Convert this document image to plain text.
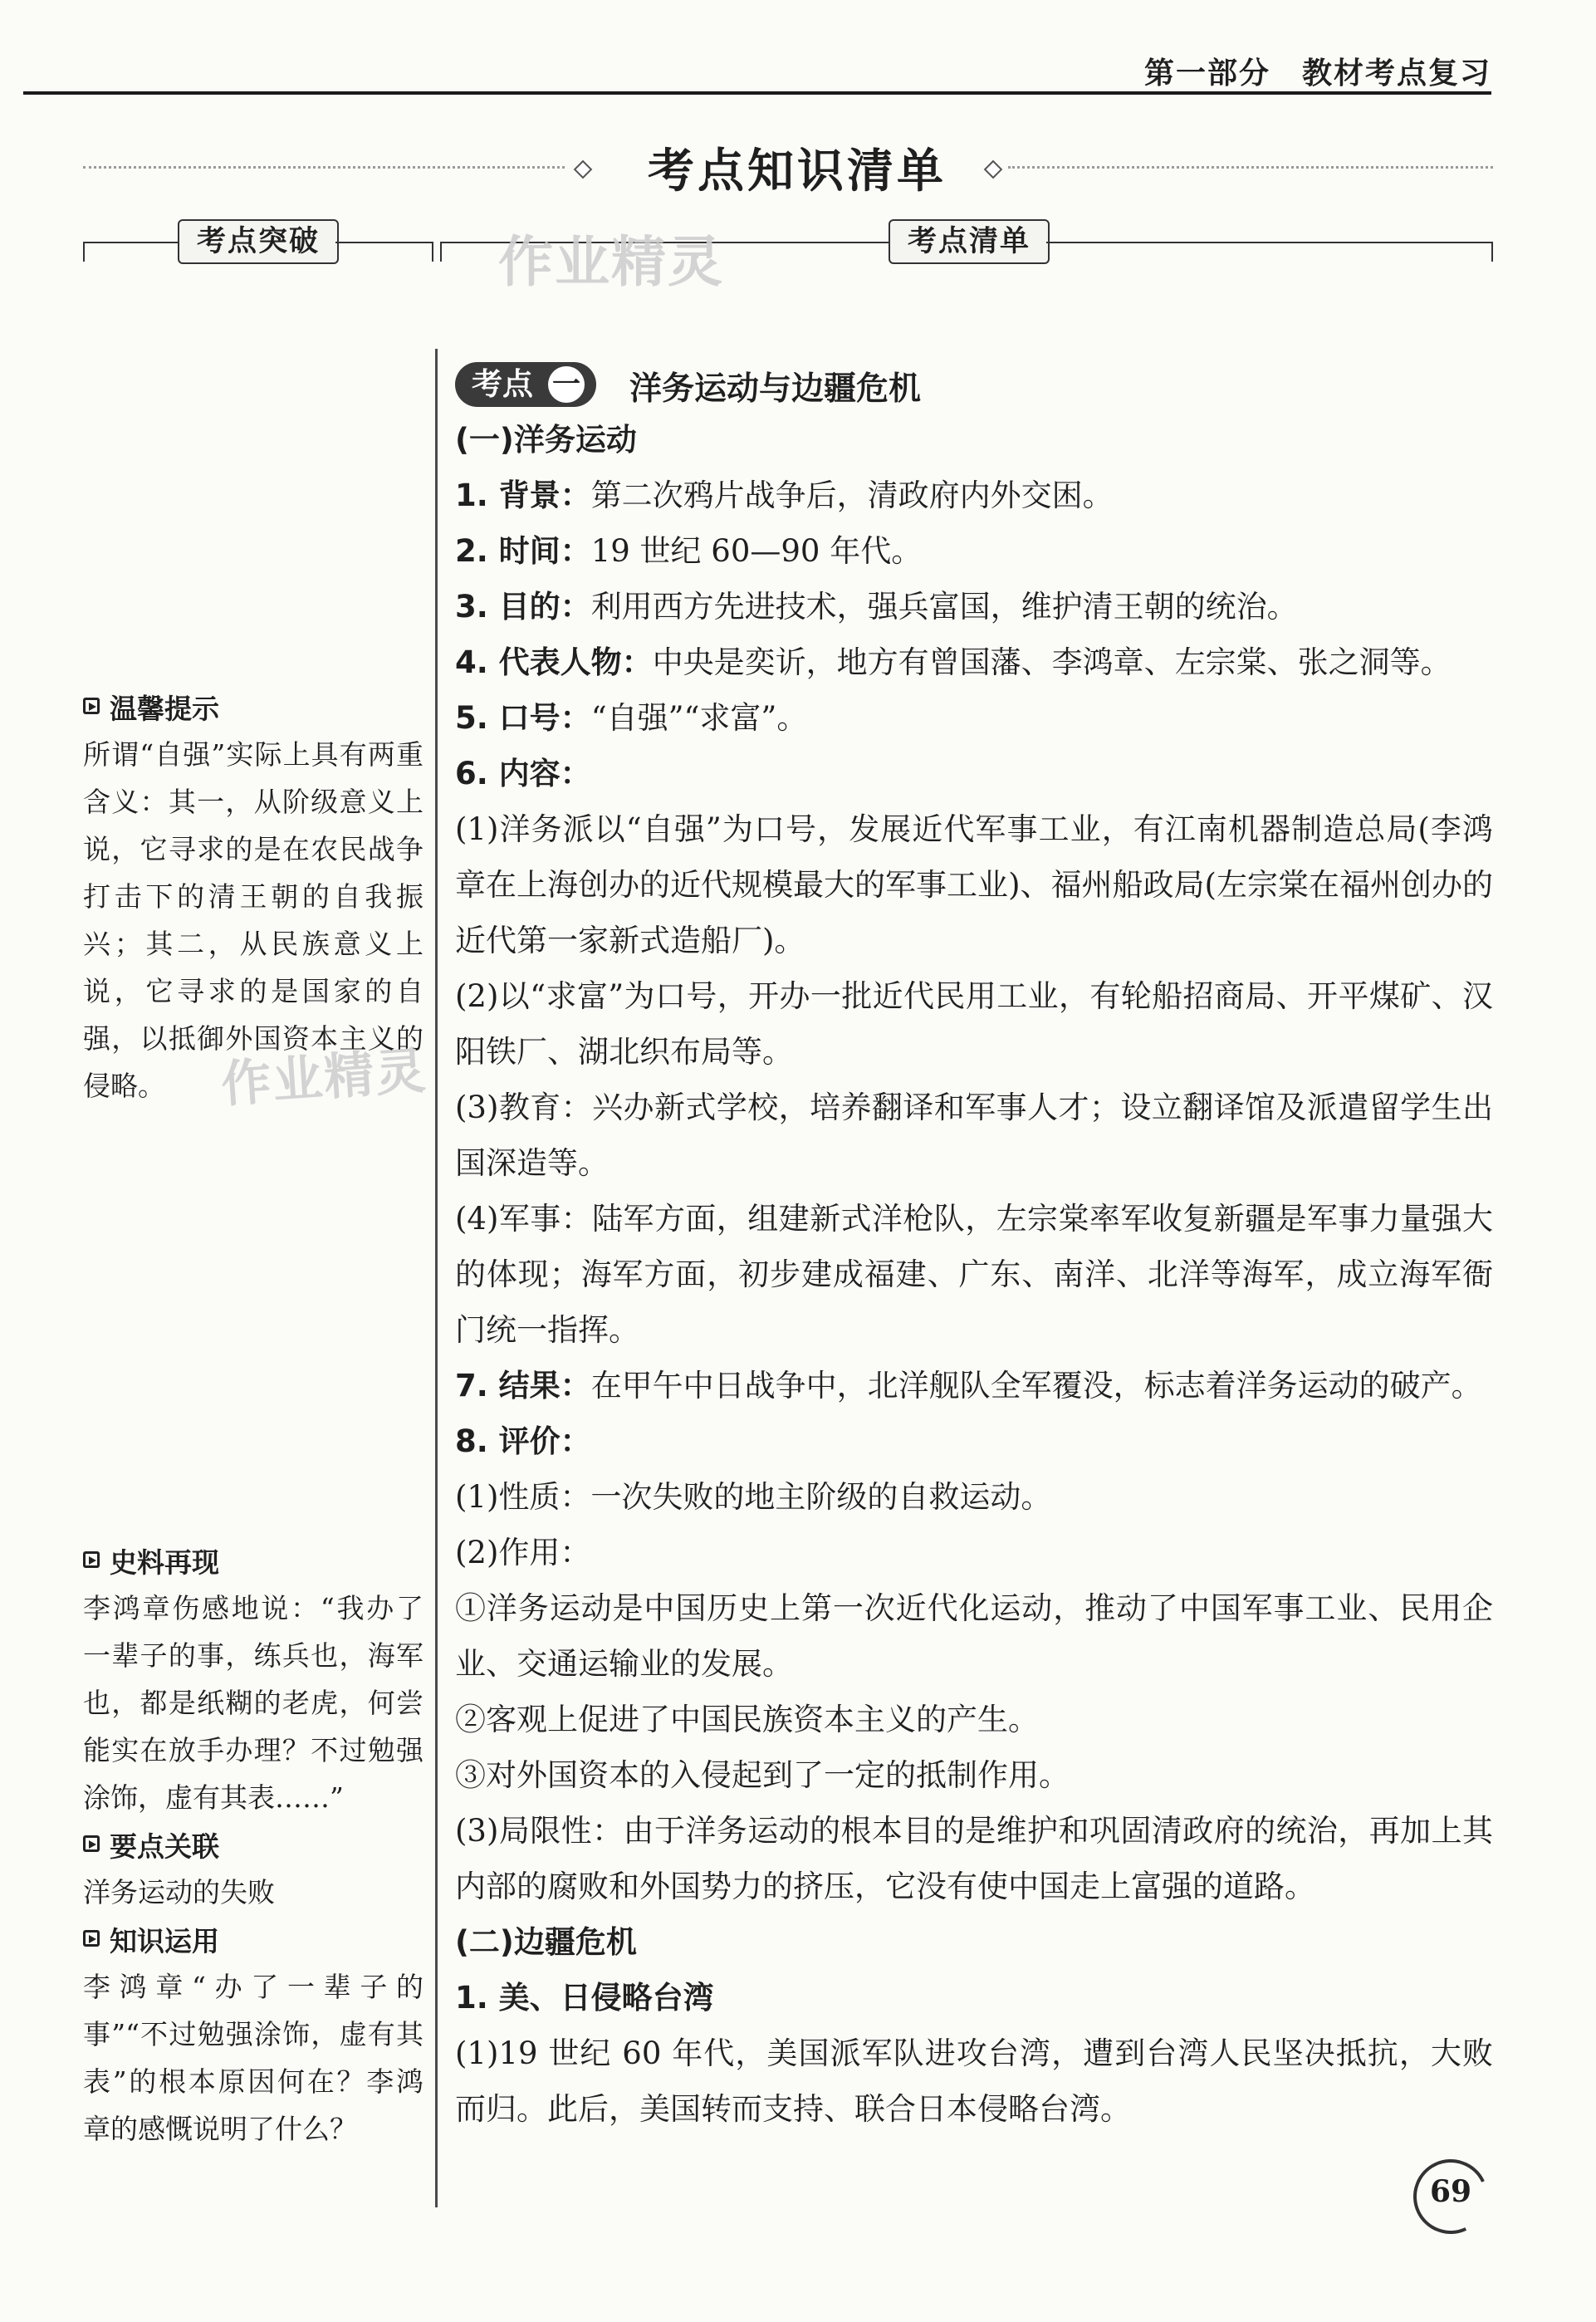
第一部分　教材考点复习
考点知识清单
考点突破	考点清单
作业精灵
作业精灵
温馨提示
所谓“自强”实际上具有两重含义：其一，从阶级意义上说，它寻求的是在农民战争打击下的清王朝的自我振兴；其二，从民族意义上说，它寻求的是国家的自强，以抵御外国资本主义的侵略。
史料再现
李鸿章伤感地说：“我办了一辈子的事，练兵也，海军也，都是纸糊的老虎，何尝能实在放手办理？不过勉强涂饰，虚有其表……”
要点关联
洋务运动的失败
知识运用
李鸿章“办了一辈子的事”“不过勉强涂饰，虚有其表”的根本原因何在？李鸿章的感慨说明了什么？
考点 一 洋务运动与边疆危机
(一)洋务运动
1. 背景：第二次鸦片战争后，清政府内外交困。
2. 时间：19 世纪 60—90 年代。
3. 目的：利用西方先进技术，强兵富国，维护清王朝的统治。
4. 代表人物：中央是奕䜣，地方有曾国藩、李鸿章、左宗棠、张之洞等。
5. 口号：“自强”“求富”。
6. 内容：
(1)洋务派以“自强”为口号，发展近代军事工业，有江南机器制造总局(李鸿章在上海创办的近代规模最大的军事工业)、福州船政局(左宗棠在福州创办的近代第一家新式造船厂)。
(2)以“求富”为口号，开办一批近代民用工业，有轮船招商局、开平煤矿、汉阳铁厂、湖北织布局等。
(3)教育：兴办新式学校，培养翻译和军事人才；设立翻译馆及派遣留学生出国深造等。
(4)军事：陆军方面，组建新式洋枪队，左宗棠率军收复新疆是军事力量强大的体现；海军方面，初步建成福建、广东、南洋、北洋等海军，成立海军衙门统一指挥。
7. 结果：在甲午中日战争中，北洋舰队全军覆没，标志着洋务运动的破产。
8. 评价：
(1)性质：一次失败的地主阶级的自救运动。
(2)作用：
①洋务运动是中国历史上第一次近代化运动，推动了中国军事工业、民用企业、交通运输业的发展。
②客观上促进了中国民族资本主义的产生。
③对外国资本的入侵起到了一定的抵制作用。
(3)局限性：由于洋务运动的根本目的是维护和巩固清政府的统治，再加上其内部的腐败和外国势力的挤压，它没有使中国走上富强的道路。
(二)边疆危机
1. 美、日侵略台湾
(1)19 世纪 60 年代，美国派军队进攻台湾，遭到台湾人民坚决抵抗，大败而归。此后，美国转而支持、联合日本侵略台湾。
69
